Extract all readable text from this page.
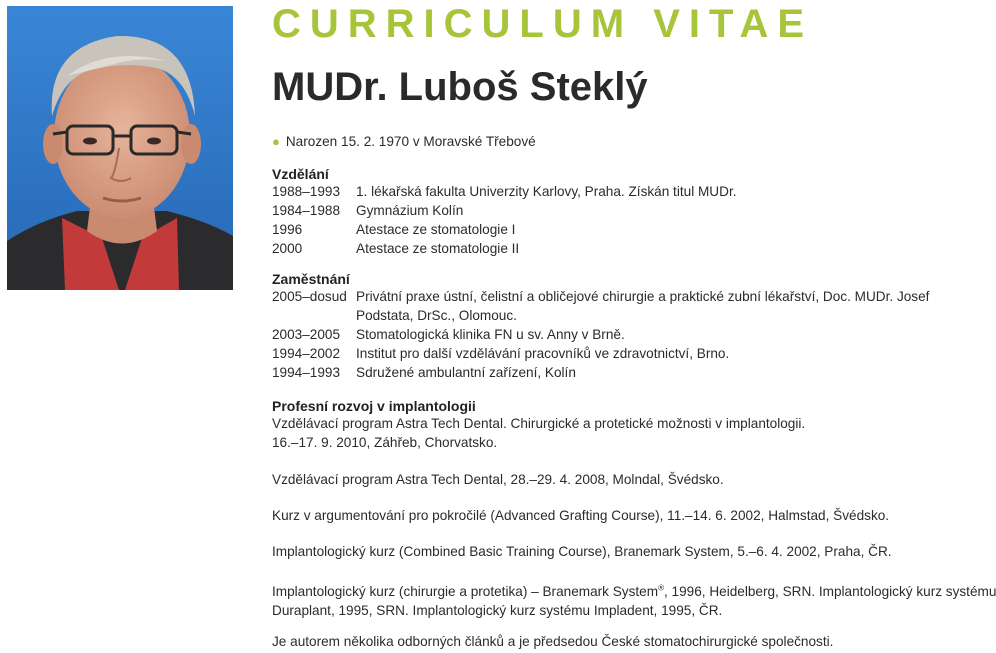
CURRICULUM VITAE
MUDr. Luboš Steklý
● Narozen 15. 2. 1970 v Moravské Třebové
Vzdělání
1988–1993	1. lékařská fakulta Univerzity Karlovy, Praha. Získán titul MUDr.
1984–1988	Gymnázium Kolín
1996	Atestace ze stomatologie I
2000	Atestace ze stomatologie II
Zaměstnání
2005–dosud Privátní praxe ústní, čelistní a obličejové chirurgie a praktické zubní lékařství, Doc. MUDr. Josef Podstata, DrSc., Olomouc.
2003–2005	Stomatologická klinika FN u sv. Anny v Brně.
1994–2002	Institut pro další vzdělávání pracovníků ve zdravotnictví, Brno.
1994–1993	Sdružené ambulantní zařízení, Kolín
Profesní rozvoj v implantologii

Vzdělávací program Astra Tech Dental. Chirurgické a protetické možnosti v implantologii.
16.–17. 9. 2010, Záhřeb, Chorvatsko.

Vzdělávací program Astra Tech Dental, 28.–29. 4. 2008, Molndal, Švédsko.

Kurz v argumentování pro pokročilé (Advanced Grafting Course), 11.–14. 6. 2002, Halmstad, Švédsko.

Implantologický kurz (Combined Basic Training Course), Branemark System, 5.–6. 4. 2002, Praha, ČR.

Implantologický kurz (chirurgie a protetika) – Branemark System®, 1996, Heidelberg, SRN. Implantologický kurz systému
Duraplant, 1995, SRN. Implantologický kurz systému Impladent, 1995, ČR.

Je autorem několika odborných článků a je předsedou České stomatochirurgické společnosti.
